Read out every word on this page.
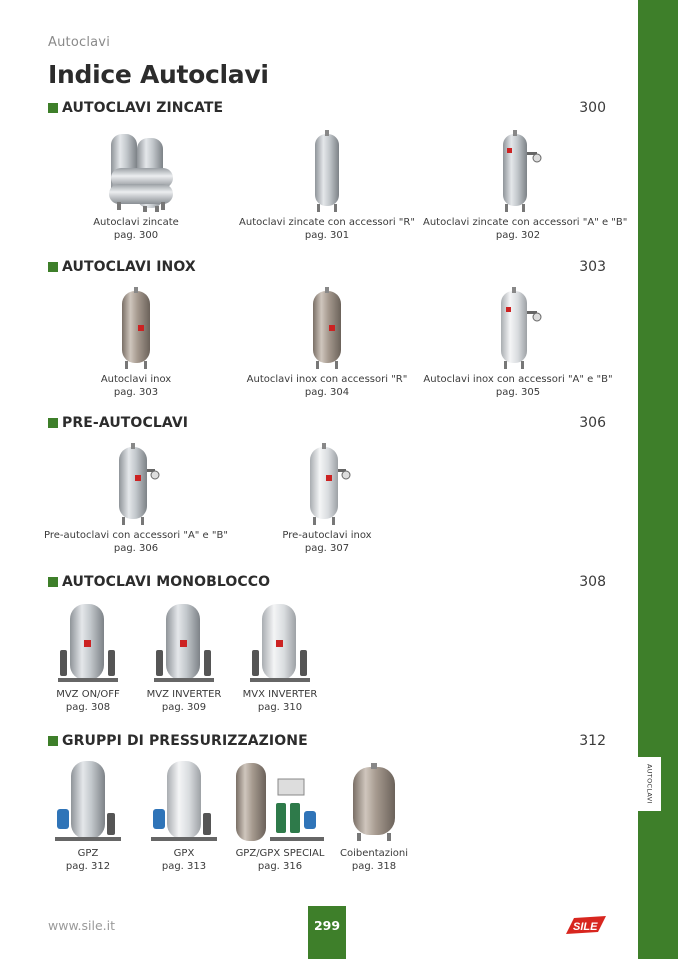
Autoclavi
Indice Autoclavi
AUTOCLAVI
AUTOCLAVI ZINCATE	300
Autoclavi zincate
pag. 300
Autoclavi zincate con accessori "R"
pag. 301
Autoclavi zincate con accessori "A" e "B"
pag. 302
AUTOCLAVI INOX	303
Autoclavi inox
pag. 303
Autoclavi inox con accessori "R"
pag. 304
Autoclavi inox con accessori "A" e "B"
pag. 305
PRE-AUTOCLAVI	306
Pre-autoclavi con accessori "A" e "B"
pag. 306
Pre-autoclavi inox
pag. 307
AUTOCLAVI MONOBLOCCO	308
MVZ ON/OFF
pag. 308
MVZ INVERTER
pag. 309
MVX INVERTER
pag. 310
GRUPPI DI PRESSURIZZAZIONE	312
GPZ
pag. 312
GPX
pag. 313
GPZ/GPX SPECIAL
pag. 316
Coibentazioni
pag. 318
www.sile.it	299	SILE
